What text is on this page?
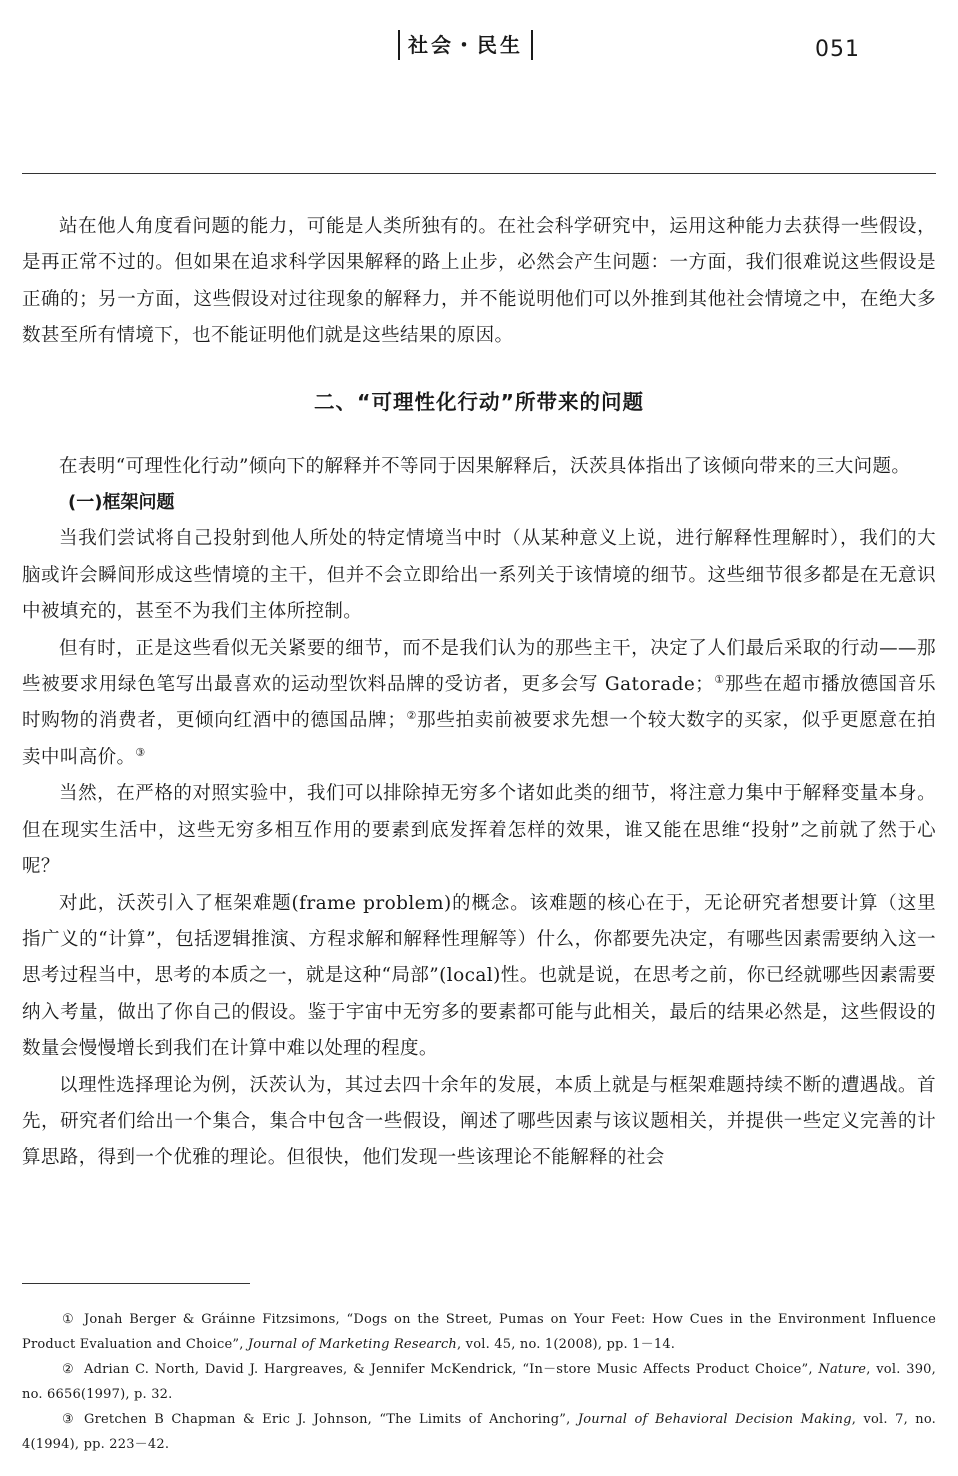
社会・民生	051

站在他人角度看问题的能力，可能是人类所独有的。在社会科学研究中，运用这种能力去获得一些假设，是再正常不过的。但如果在追求科学因果解释的路上止步，必然会产生问题：一方面，我们很难说这些假设是正确的；另一方面，这些假设对过往现象的解释力，并不能说明他们可以外推到其他社会情境之中，在绝大多数甚至所有情境下，也不能证明他们就是这些结果的原因。

二、“可理性化行动”所带来的问题

在表明“可理性化行动”倾向下的解释并不等同于因果解释后，沃茨具体指出了该倾向带来的三大问题。

(一)框架问题

当我们尝试将自己投射到他人所处的特定情境当中时（从某种意义上说，进行解释性理解时），我们的大脑或许会瞬间形成这些情境的主干，但并不会立即给出一系列关于该情境的细节。这些细节很多都是在无意识中被填充的，甚至不为我们主体所控制。

但有时，正是这些看似无关紧要的细节，而不是我们认为的那些主干，决定了人们最后采取的行动——那些被要求用绿色笔写出最喜欢的运动型饮料品牌的受访者，更多会写 Gatorade；①那些在超市播放德国音乐时购物的消费者，更倾向红酒中的德国品牌；②那些拍卖前被要求先想一个较大数字的买家，似乎更愿意在拍卖中叫高价。③

当然，在严格的对照实验中，我们可以排除掉无穷多个诸如此类的细节，将注意力集中于解释变量本身。但在现实生活中，这些无穷多相互作用的要素到底发挥着怎样的效果，谁又能在思维“投射”之前就了然于心呢？

对此，沃茨引入了框架难题(frame problem)的概念。该难题的核心在于，无论研究者想要计算（这里指广义的“计算”，包括逻辑推演、方程求解和解释性理解等）什么，你都要先决定，有哪些因素需要纳入这一思考过程当中，思考的本质之一，就是这种“局部”(local)性。也就是说，在思考之前，你已经就哪些因素需要纳入考量，做出了你自己的假设。鉴于宇宙中无穷多的要素都可能与此相关，最后的结果必然是，这些假设的数量会慢慢增长到我们在计算中难以处理的程度。

以理性选择理论为例，沃茨认为，其过去四十余年的发展，本质上就是与框架难题持续不断的遭遇战。首先，研究者们给出一个集合，集合中包含一些假设，阐述了哪些因素与该议题相关，并提供一些定义完善的计算思路，得到一个优雅的理论。但很快，他们发现一些该理论不能解释的社会

① Jonah Berger & Gráinne Fitzsimons, “Dogs on the Street, Pumas on Your Feet: How Cues in the Environment Influence Product Evaluation and Choice”, Journal of Marketing Research, vol. 45, no. 1(2008), pp. 1－14.

② Adrian C. North, David J. Hargreaves, & Jennifer McKendrick, “In－store Music Affects Product Choice”, Nature, vol. 390, no. 6656(1997), p. 32.

③ Gretchen B Chapman & Eric J. Johnson, “The Limits of Anchoring”, Journal of Behavioral Decision Making, vol. 7, no. 4(1994), pp. 223－42.
